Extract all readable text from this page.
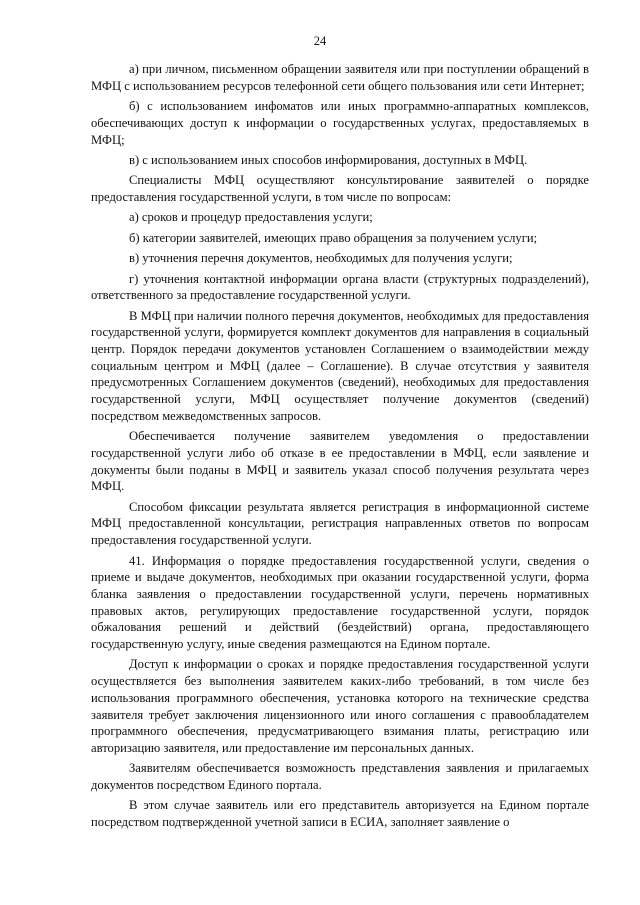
24

а) при личном, письменном обращении заявителя или при поступлении обращений в МФЦ с использованием ресурсов телефонной сети общего пользования или сети Интернет;

б) с использованием инфоматов или иных программно-аппаратных комплексов, обеспечивающих доступ к информации о государственных услугах, предоставляемых в МФЦ;

в) с использованием иных способов информирования, доступных в МФЦ.

Специалисты МФЦ осуществляют консультирование заявителей о порядке предоставления государственной услуги, в том числе по вопросам:

а) сроков и процедур предоставления услуги;

б) категории заявителей, имеющих право обращения за получением услуги;

в) уточнения перечня документов, необходимых для получения услуги;

г) уточнения контактной информации органа власти (структурных подразделений), ответственного за предоставление государственной услуги.

В МФЦ при наличии полного перечня документов, необходимых для предоставления государственной услуги, формируется комплект документов для направления в социальный центр. Порядок передачи документов установлен Соглашением о взаимодействии между социальным центром и МФЦ (далее – Соглашение). В случае отсутствия у заявителя предусмотренных Соглашением документов (сведений), необходимых для предоставления государственной услуги, МФЦ осуществляет получение документов (сведений) посредством межведомственных запросов.

Обеспечивается получение заявителем уведомления о предоставлении государственной услуги либо об отказе в ее предоставлении в МФЦ, если заявление и документы были поданы в МФЦ и заявитель указал способ получения результата через МФЦ.

Способом фиксации результата является регистрация в информационной системе МФЦ предоставленной консультации, регистрация направленных ответов по вопросам предоставления государственной услуги.

41. Информация о порядке предоставления государственной услуги, сведения о приеме и выдаче документов, необходимых при оказании государственной услуги, форма бланка заявления о предоставлении государственной услуги, перечень нормативных правовых актов, регулирующих предоставление государственной услуги, порядок обжалования решений и действий (бездействий) органа, предоставляющего государственную услугу, иные сведения размещаются на Едином портале.

Доступ к информации о сроках и порядке предоставления государственной услуги осуществляется без выполнения заявителем каких-либо требований, в том числе без использования программного обеспечения, установка которого на технические средства заявителя требует заключения лицензионного или иного соглашения с правообладателем программного обеспечения, предусматривающего взимания платы, регистрацию или авторизацию заявителя, или предоставление им персональных данных.

Заявителям обеспечивается возможность представления заявления и прилагаемых документов посредством Единого портала.

В этом случае заявитель или его представитель авторизуется на Едином портале посредством подтвержденной учетной записи в ЕСИА, заполняет заявление о
